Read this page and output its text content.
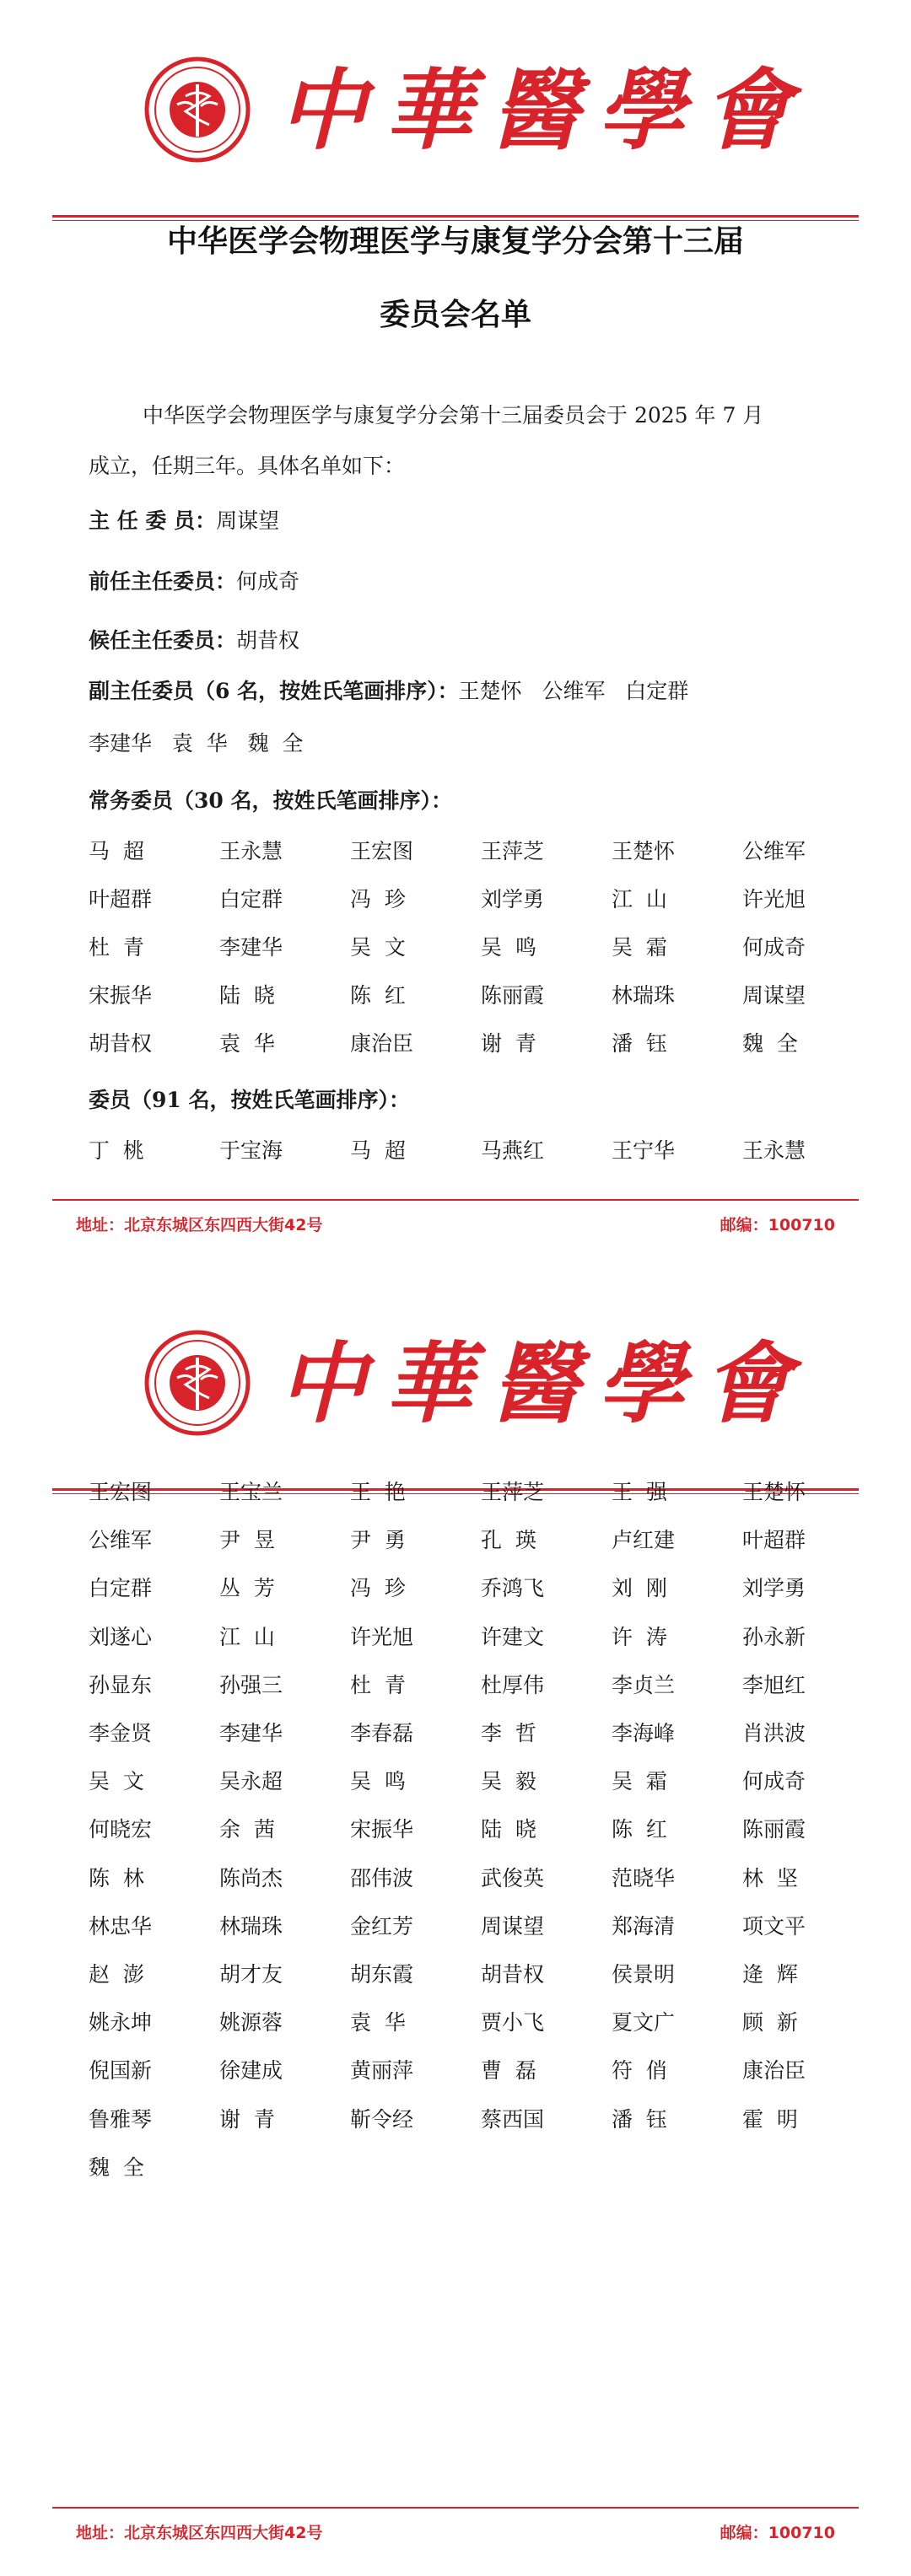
中華醫學會
中华医学会物理医学与康复学分会第十三届
委员会名单
中华医学会物理医学与康复学分会第十三届委员会于 2025 年 7 月
成立，任期三年。具体名单如下：
主 任 委 员：周谋望
前任主任委员：何成奇
候任主任委员：胡昔权
副主任委员（6 名，按姓氏笔画排序）：王楚怀   公维军   白定群
李建华   袁  华   魏  全
常务委员（30 名，按姓氏笔画排序）：
马  超	王永慧	王宏图	王萍芝	王楚怀	公维军
叶超群	白定群	冯  珍	刘学勇	江  山	许光旭
杜  青	李建华	吴  文	吴  鸣	吴  霜	何成奇
宋振华	陆  晓	陈  红	陈丽霞	林瑞珠	周谋望
胡昔权	袁  华	康治臣	谢  青	潘  钰	魏  全
委员（91 名，按姓氏笔画排序）：
丁  桃	于宝海	马  超	马燕红	王宁华	王永慧
地址：北京东城区东四西大街42号	邮编：100710
中華醫學會
王宏图	王宝兰	王  艳	王萍芝	王  强	王楚怀
公维军	尹  昱	尹  勇	孔  瑛	卢红建	叶超群
白定群	丛  芳	冯  珍	乔鸿飞	刘  刚	刘学勇
刘遂心	江  山	许光旭	许建文	许  涛	孙永新
孙显东	孙强三	杜  青	杜厚伟	李贞兰	李旭红
李金贤	李建华	李春磊	李  哲	李海峰	肖洪波
吴  文	吴永超	吴  鸣	吴  毅	吴  霜	何成奇
何晓宏	余  茜	宋振华	陆  晓	陈  红	陈丽霞
陈  林	陈尚杰	邵伟波	武俊英	范晓华	林  坚
林忠华	林瑞珠	金红芳	周谋望	郑海清	项文平
赵  澎	胡才友	胡东霞	胡昔权	侯景明	逄  辉
姚永坤	姚源蓉	袁  华	贾小飞	夏文广	顾  新
倪国新	徐建成	黄丽萍	曹  磊	符  俏	康治臣
鲁雅琴	谢  青	靳令经	蔡西国	潘  钰	霍  明
魏  全
地址：北京东城区东四西大街42号	邮编：100710
